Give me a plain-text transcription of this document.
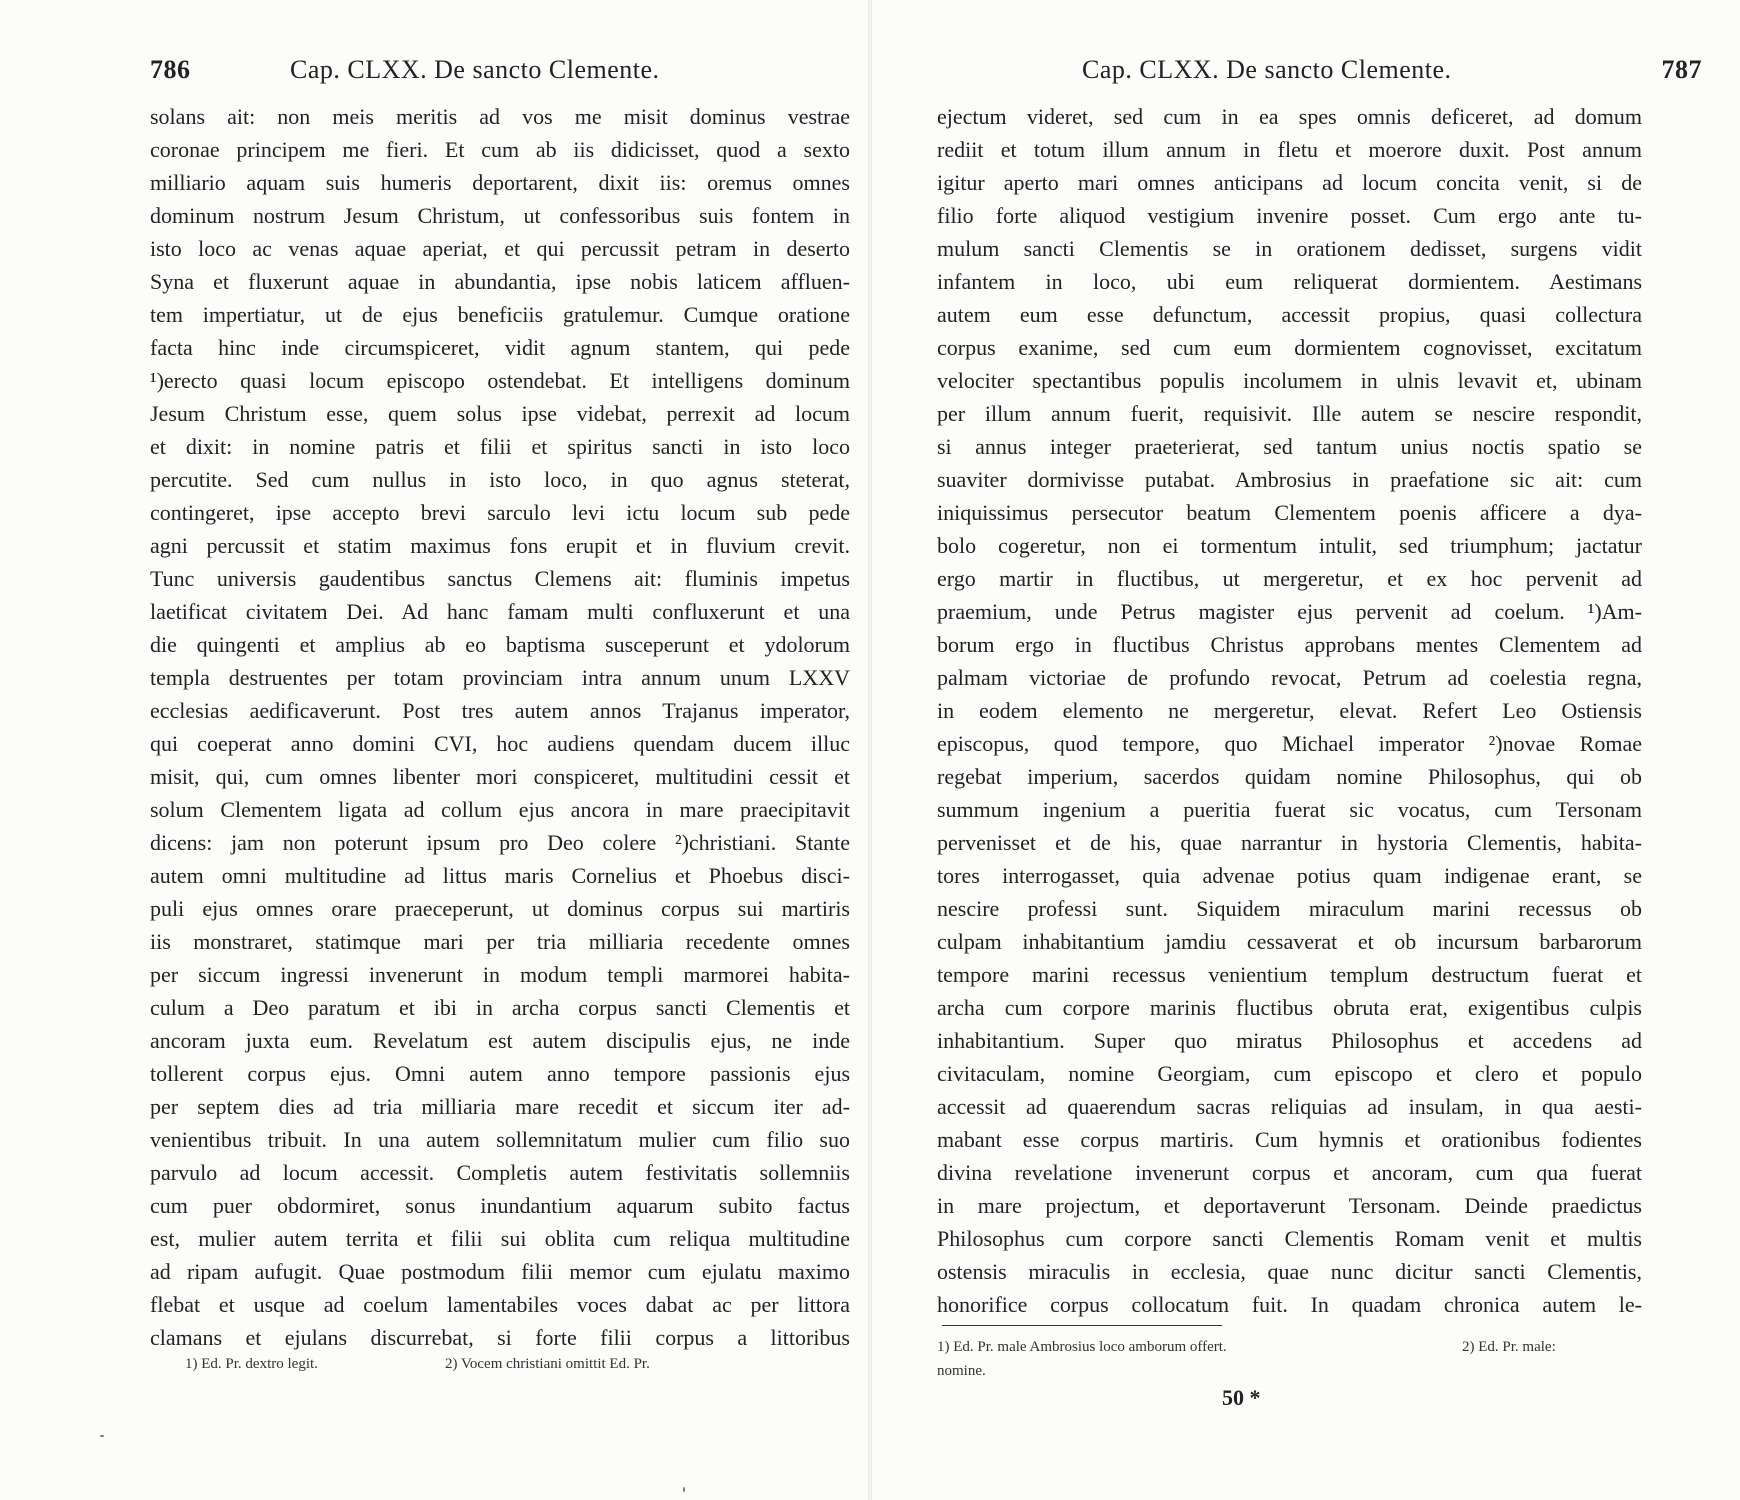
786	Cap. CLXX. De sancto Clemente.
solans ait: non meis meritis ad vos me misit dominus vestrae
coronae principem me fieri. Et cum ab iis didicisset, quod a sexto
milliario aquam suis humeris deportarent, dixit iis: oremus omnes
dominum nostrum Jesum Christum, ut confessoribus suis fontem in
isto loco ac venas aquae aperiat, et qui percussit petram in deserto
Syna et fluxerunt aquae in abundantia, ipse nobis laticem affluen-
tem impertiatur, ut de ejus beneficiis gratulemur. Cumque oratione
facta hinc inde circumspiceret, vidit agnum stantem, qui pede
¹)erecto quasi locum episcopo ostendebat. Et intelligens dominum
Jesum Christum esse, quem solus ipse videbat, perrexit ad locum
et dixit: in nomine patris et filii et spiritus sancti in isto loco
percutite. Sed cum nullus in isto loco, in quo agnus steterat,
contingeret, ipse accepto brevi sarculo levi ictu locum sub pede
agni percussit et statim maximus fons erupit et in fluvium crevit.
Tunc universis gaudentibus sanctus Clemens ait: fluminis impetus
laetificat civitatem Dei. Ad hanc famam multi confluxerunt et una
die quingenti et amplius ab eo baptisma susceperunt et ydolorum
templa destruentes per totam provinciam intra annum unum LXXV
ecclesias aedificaverunt. Post tres autem annos Trajanus imperator,
qui coeperat anno domini CVI, hoc audiens quendam ducem illuc
misit, qui, cum omnes libenter mori conspiceret, multitudini cessit et
solum Clementem ligata ad collum ejus ancora in mare praecipitavit
dicens: jam non poterunt ipsum pro Deo colere ²)christiani. Stante
autem omni multitudine ad littus maris Cornelius et Phoebus disci-
puli ejus omnes orare praeceperunt, ut dominus corpus sui martiris
iis monstraret, statimque mari per tria milliaria recedente omnes
per siccum ingressi invenerunt in modum templi marmorei habita-
culum a Deo paratum et ibi in archa corpus sancti Clementis et
ancoram juxta eum. Revelatum est autem discipulis ejus, ne inde
tollerent corpus ejus. Omni autem anno tempore passionis ejus
per septem dies ad tria milliaria mare recedit et siccum iter ad-
venientibus tribuit. In una autem sollemnitatum mulier cum filio suo
parvulo ad locum accessit. Completis autem festivitatis sollemniis
cum puer obdormiret, sonus inundantium aquarum subito factus
est, mulier autem territa et filii sui oblita cum reliqua multitudine
ad ripam aufugit. Quae postmodum filii memor cum ejulatu maximo
flebat et usque ad coelum lamentabiles voces dabat ac per littora
clamans et ejulans discurrebat, si forte filii corpus a littoribus
1) Ed. Pr. dextro legit.	2) Vocem christiani omittit Ed. Pr.
Cap. CLXX. De sancto Clemente.	787
ejectum videret, sed cum in ea spes omnis deficeret, ad domum
rediit et totum illum annum in fletu et moerore duxit. Post annum
igitur aperto mari omnes anticipans ad locum concita venit, si de
filio forte aliquod vestigium invenire posset. Cum ergo ante tu-
mulum sancti Clementis se in orationem dedisset, surgens vidit
infantem in loco, ubi eum reliquerat dormientem. Aestimans
autem eum esse defunctum, accessit propius, quasi collectura
corpus exanime, sed cum eum dormientem cognovisset, excitatum
velociter spectantibus populis incolumem in ulnis levavit et, ubinam
per illum annum fuerit, requisivit. Ille autem se nescire respondit,
si annus integer praeterierat, sed tantum unius noctis spatio se
suaviter dormivisse putabat. Ambrosius in praefatione sic ait: cum
iniquissimus persecutor beatum Clementem poenis afficere a dya-
bolo cogeretur, non ei tormentum intulit, sed triumphum; jactatur
ergo martir in fluctibus, ut mergeretur, et ex hoc pervenit ad
praemium, unde Petrus magister ejus pervenit ad coelum. ¹)Am-
borum ergo in fluctibus Christus approbans mentes Clementem ad
palmam victoriae de profundo revocat, Petrum ad coelestia regna,
in eodem elemento ne mergeretur, elevat. Refert Leo Ostiensis
episcopus, quod tempore, quo Michael imperator ²)novae Romae
regebat imperium, sacerdos quidam nomine Philosophus, qui ob
summum ingenium a pueritia fuerat sic vocatus, cum Tersonam
pervenisset et de his, quae narrantur in hystoria Clementis, habita-
tores interrogasset, quia advenae potius quam indigenae erant, se
nescire professi sunt. Siquidem miraculum marini recessus ob
culpam inhabitantium jamdiu cessaverat et ob incursum barbarorum
tempore marini recessus venientium templum destructum fuerat et
archa cum corpore marinis fluctibus obruta erat, exigentibus culpis
inhabitantium. Super quo miratus Philosophus et accedens ad
civitaculam, nomine Georgiam, cum episcopo et clero et populo
accessit ad quaerendum sacras reliquias ad insulam, in qua aesti-
mabant esse corpus martiris. Cum hymnis et orationibus fodientes
divina revelatione invenerunt corpus et ancoram, cum qua fuerat
in mare projectum, et deportaverunt Tersonam. Deinde praedictus
Philosophus cum corpore sancti Clementis Romam venit et multis
ostensis miraculis in ecclesia, quae nunc dicitur sancti Clementis,
honorifice corpus collocatum fuit. In quadam chronica autem le-
1) Ed. Pr. male Ambrosius loco amborum offert.	2) Ed. Pr. male:
nomine.
50 *
